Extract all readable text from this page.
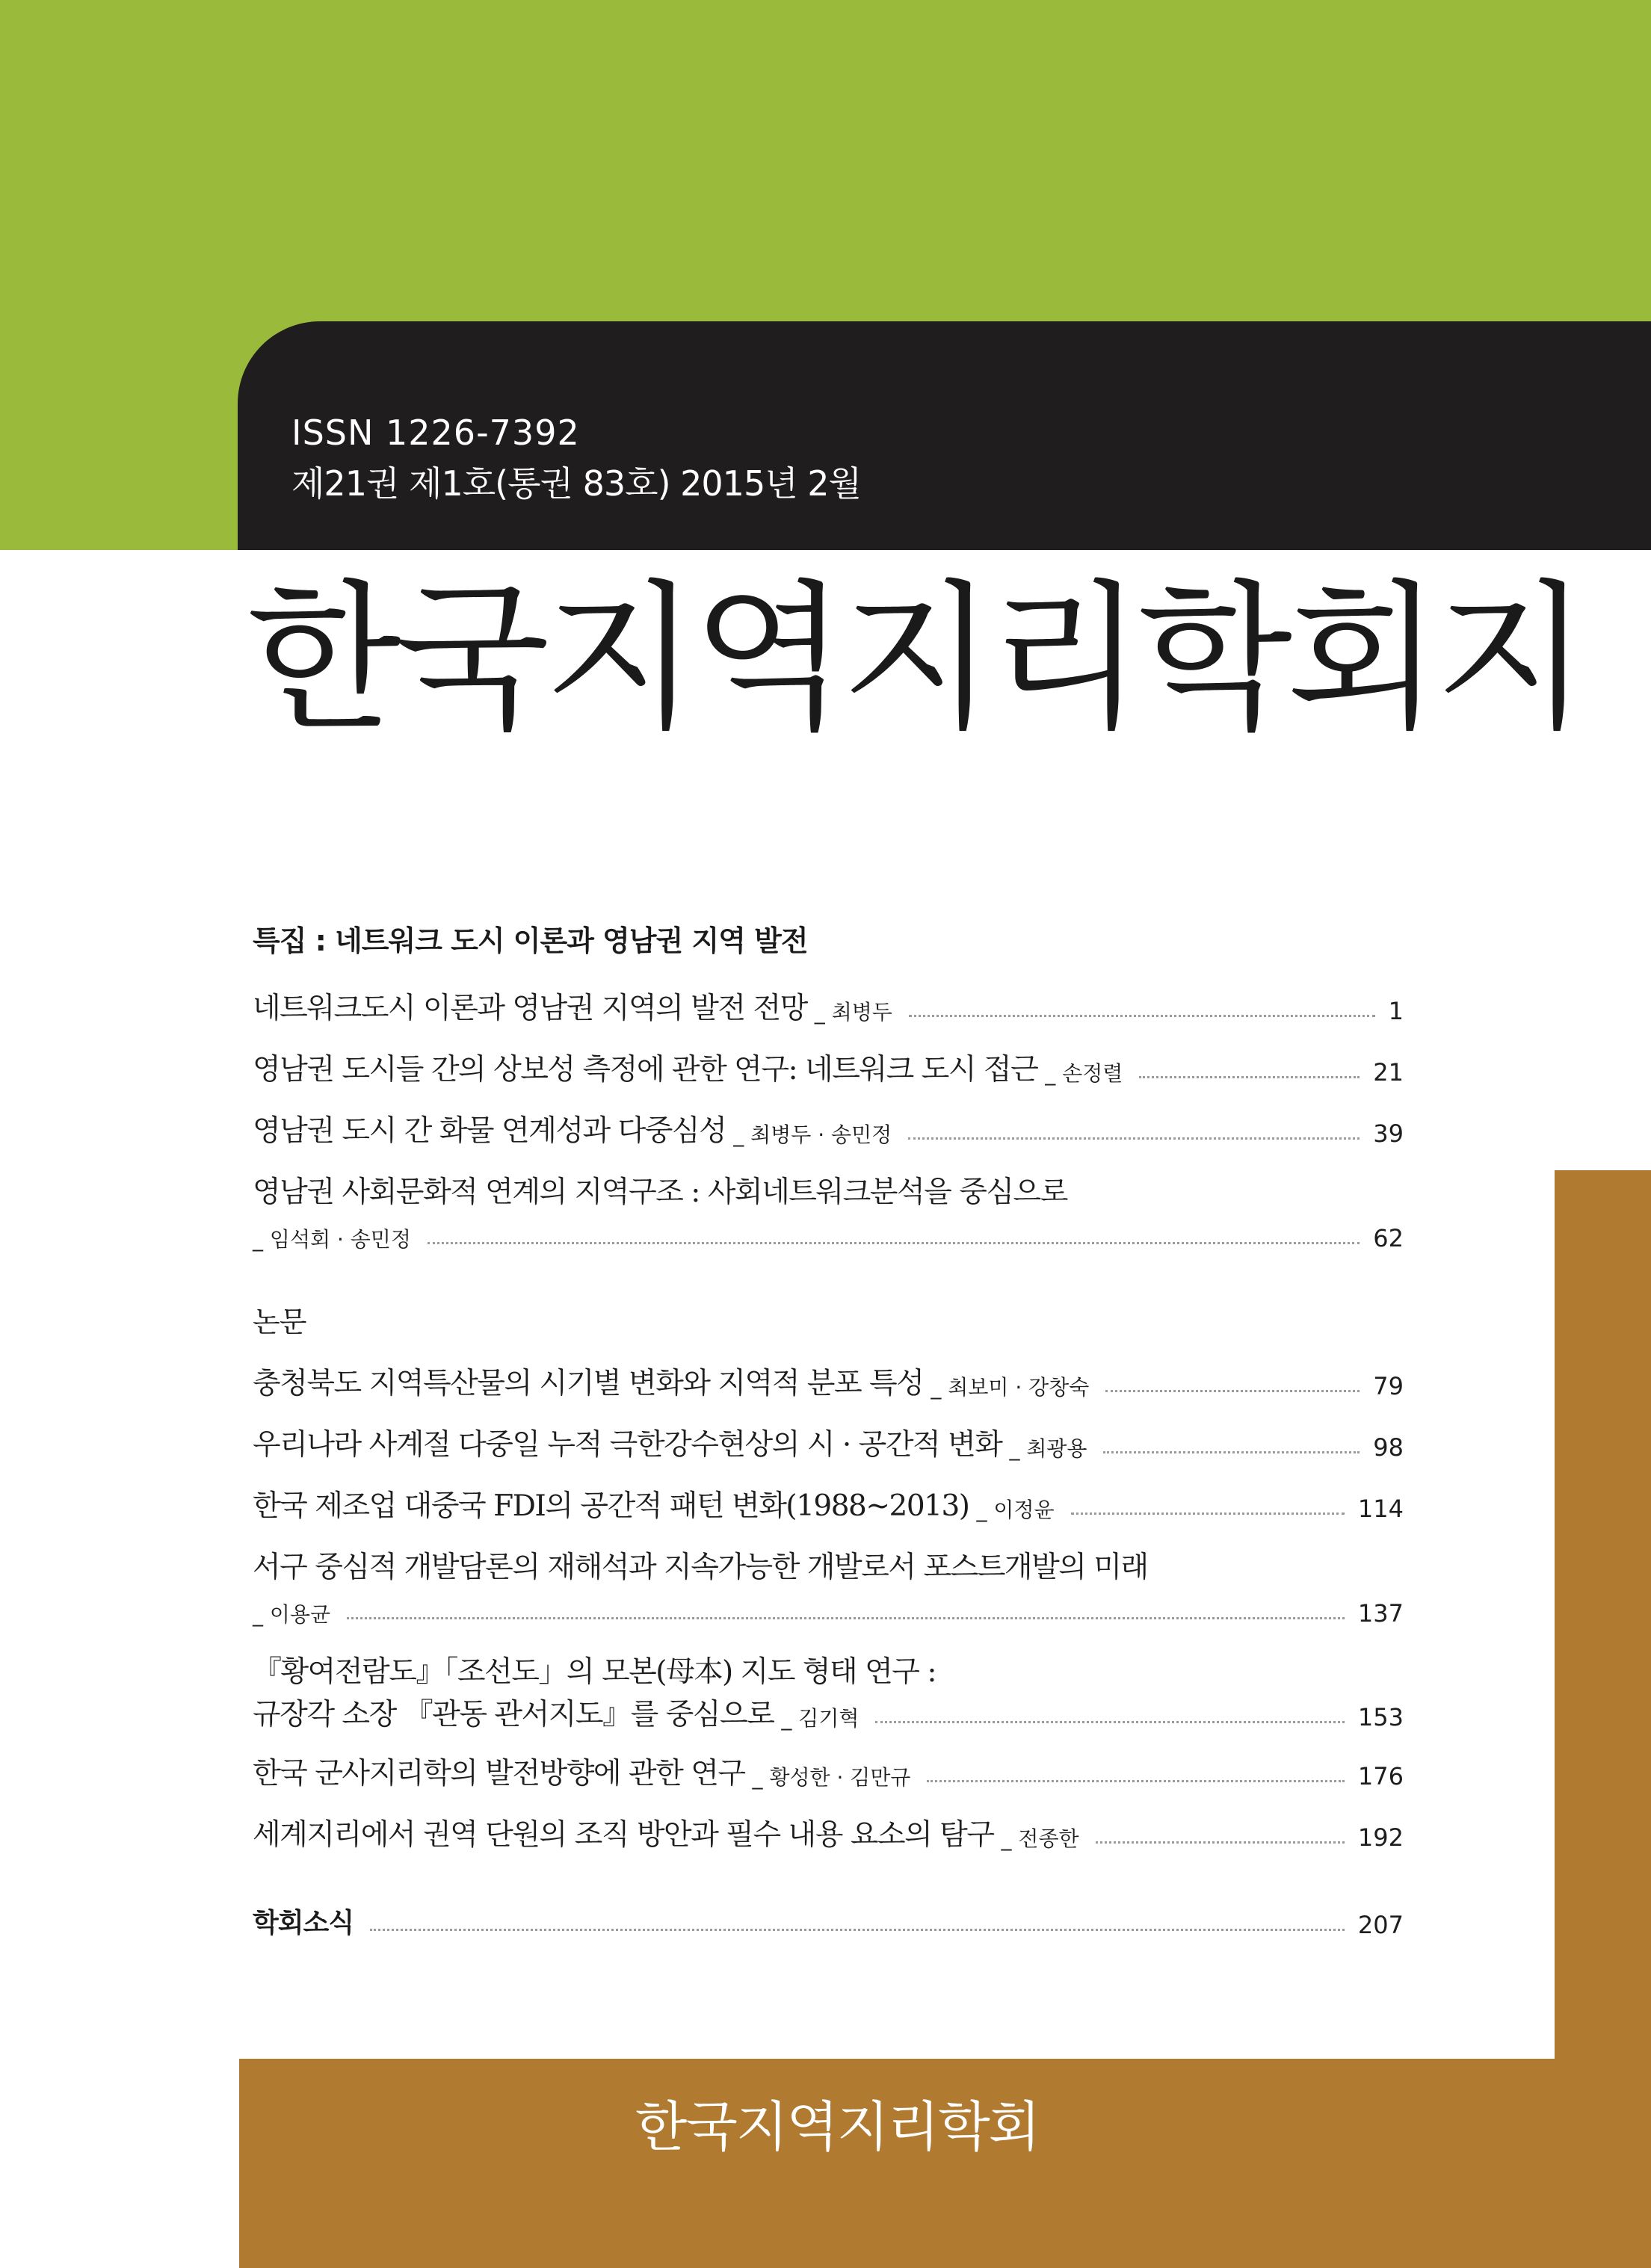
ISSN 1226-7392
제21권 제1호(통권 83호) 2015년 2월
한국지역지리학회지
특집 : 네트워크 도시 이론과 영남권 지역 발전
네트워크도시 이론과 영남권 지역의 발전 전망 _ 최병두	1
영남권 도시들 간의 상보성 측정에 관한 연구: 네트워크 도시 접근 _ 손정렬	21
영남권 도시 간 화물 연계성과 다중심성 _ 최병두 · 송민정	39
영남권 사회문화적 연계의 지역구조 : 사회네트워크분석을 중심으로
_ 임석회 · 송민정	62
논문
충청북도 지역특산물의 시기별 변화와 지역적 분포 특성 _ 최보미 · 강창숙	79
우리나라 사계절 다중일 누적 극한강수현상의 시 · 공간적 변화 _ 최광용	98
한국 제조업 대중국 FDI의 공간적 패턴 변화(1988~2013) _ 이정윤	114
서구 중심적 개발담론의 재해석과 지속가능한 개발로서 포스트개발의 미래
_ 이용균	137
『황여전람도』「조선도」의 모본(母本) 지도 형태 연구 :
규장각 소장 『관동 관서지도』를 중심으로 _ 김기혁	153
한국 군사지리학의 발전방향에 관한 연구 _ 황성한 · 김만규	176
세계지리에서 권역 단원의 조직 방안과 필수 내용 요소의 탐구 _ 전종한	192
학회소식	207
한국지역지리학회
